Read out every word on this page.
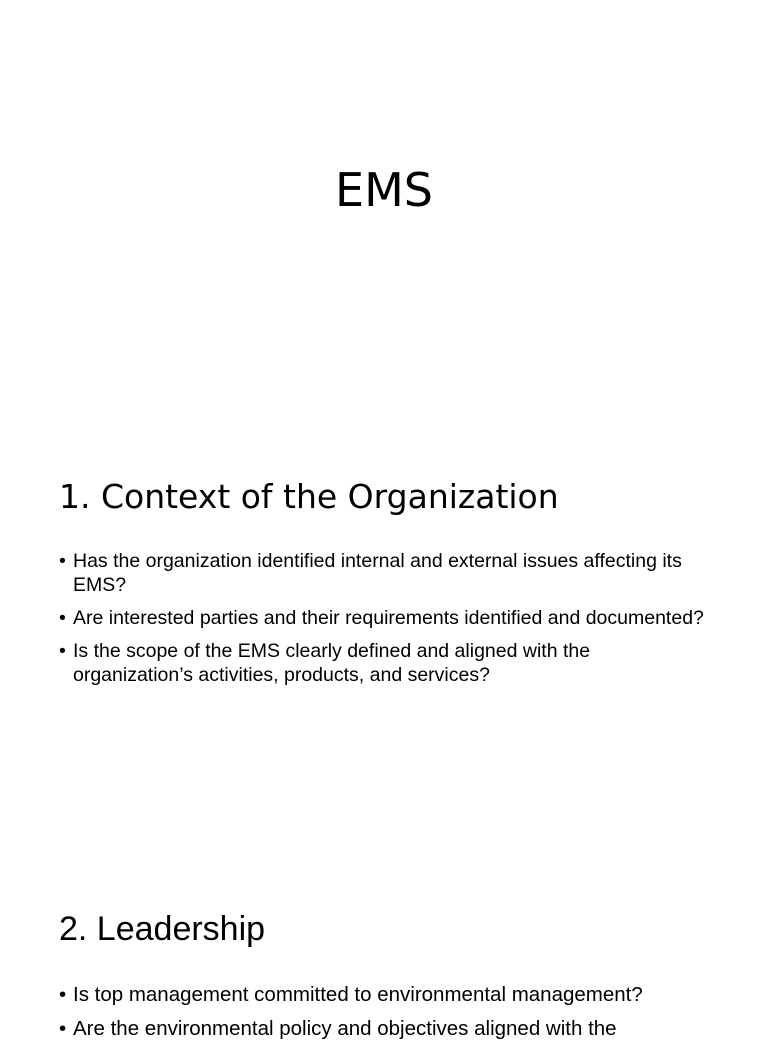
EMS
1. Context of the Organization
• Has the organization identified internal and external issues affecting its EMS?
• Are interested parties and their requirements identified and documented?
• Is the scope of the EMS clearly defined and aligned with the organization’s activities, products, and services?
2. Leadership
• Is top management committed to environmental management?
• Are the environmental policy and objectives aligned with the
